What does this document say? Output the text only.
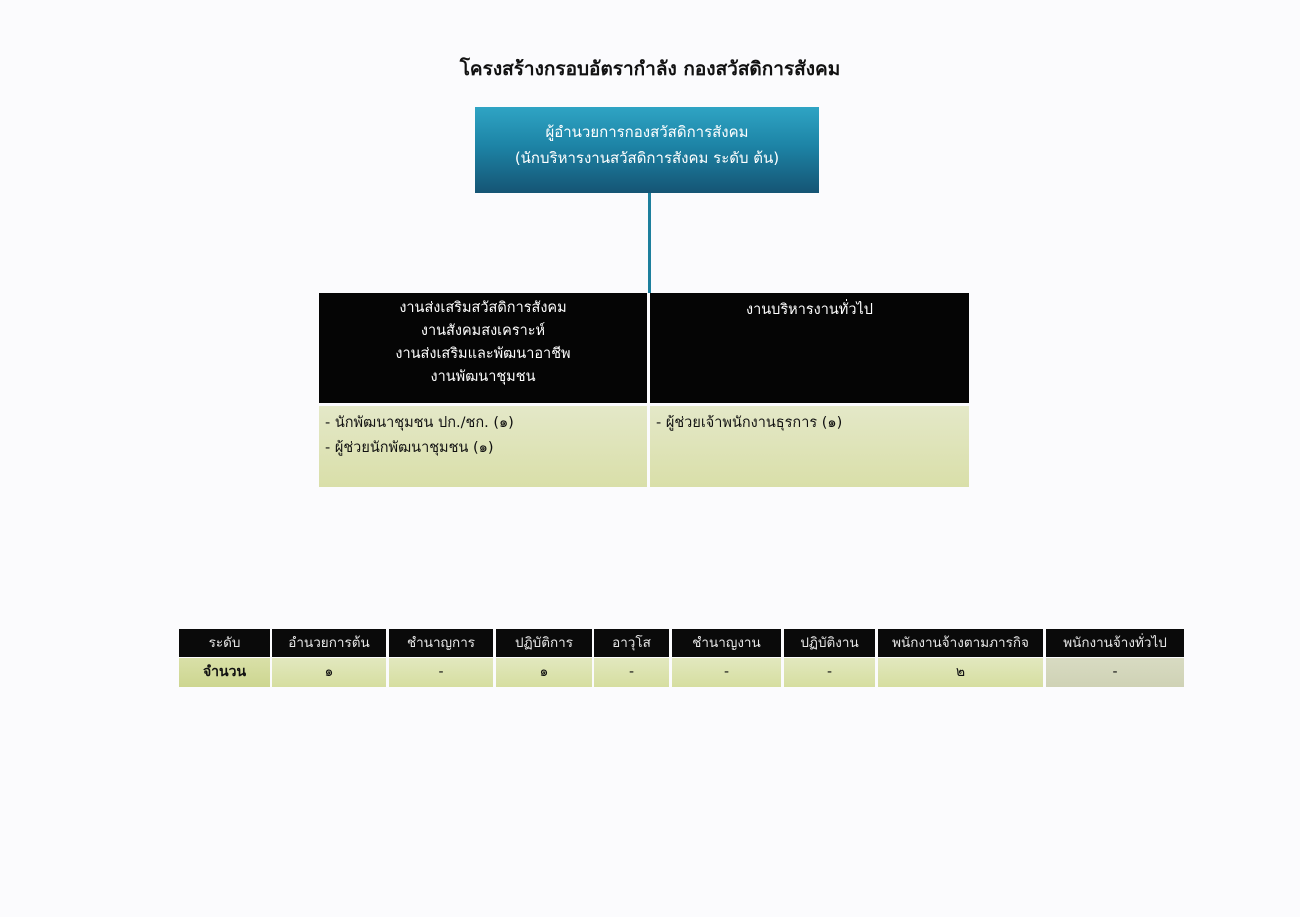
โครงสร้างกรอบอัตรากำลัง กองสวัสดิการสังคม
ผู้อำนวยการกองสวัสดิการสังคม
(นักบริหารงานสวัสดิการสังคม ระดับ ต้น)
งานส่งเสริมสวัสดิการสังคม
งานสังคมสงเคราะห์
งานส่งเสริมและพัฒนาอาชีพ
งานพัฒนาชุมชน
งานบริหารงานทั่วไป
- นักพัฒนาชุมชน ปก./ชก. (๑)
- ผู้ช่วยนักพัฒนาชุมชน (๑)
- ผู้ช่วยเจ้าพนักงานธุรการ (๑)
ระดับ	อำนวยการต้น	ชำนาญการ	ปฏิบัติการ	อาวุโส	ชำนาญงาน	ปฏิบัติงาน	พนักงานจ้างตามภารกิจ	พนักงานจ้างทั่วไป
จำนวน	๑	-	๑	-	-	-	๒	-
